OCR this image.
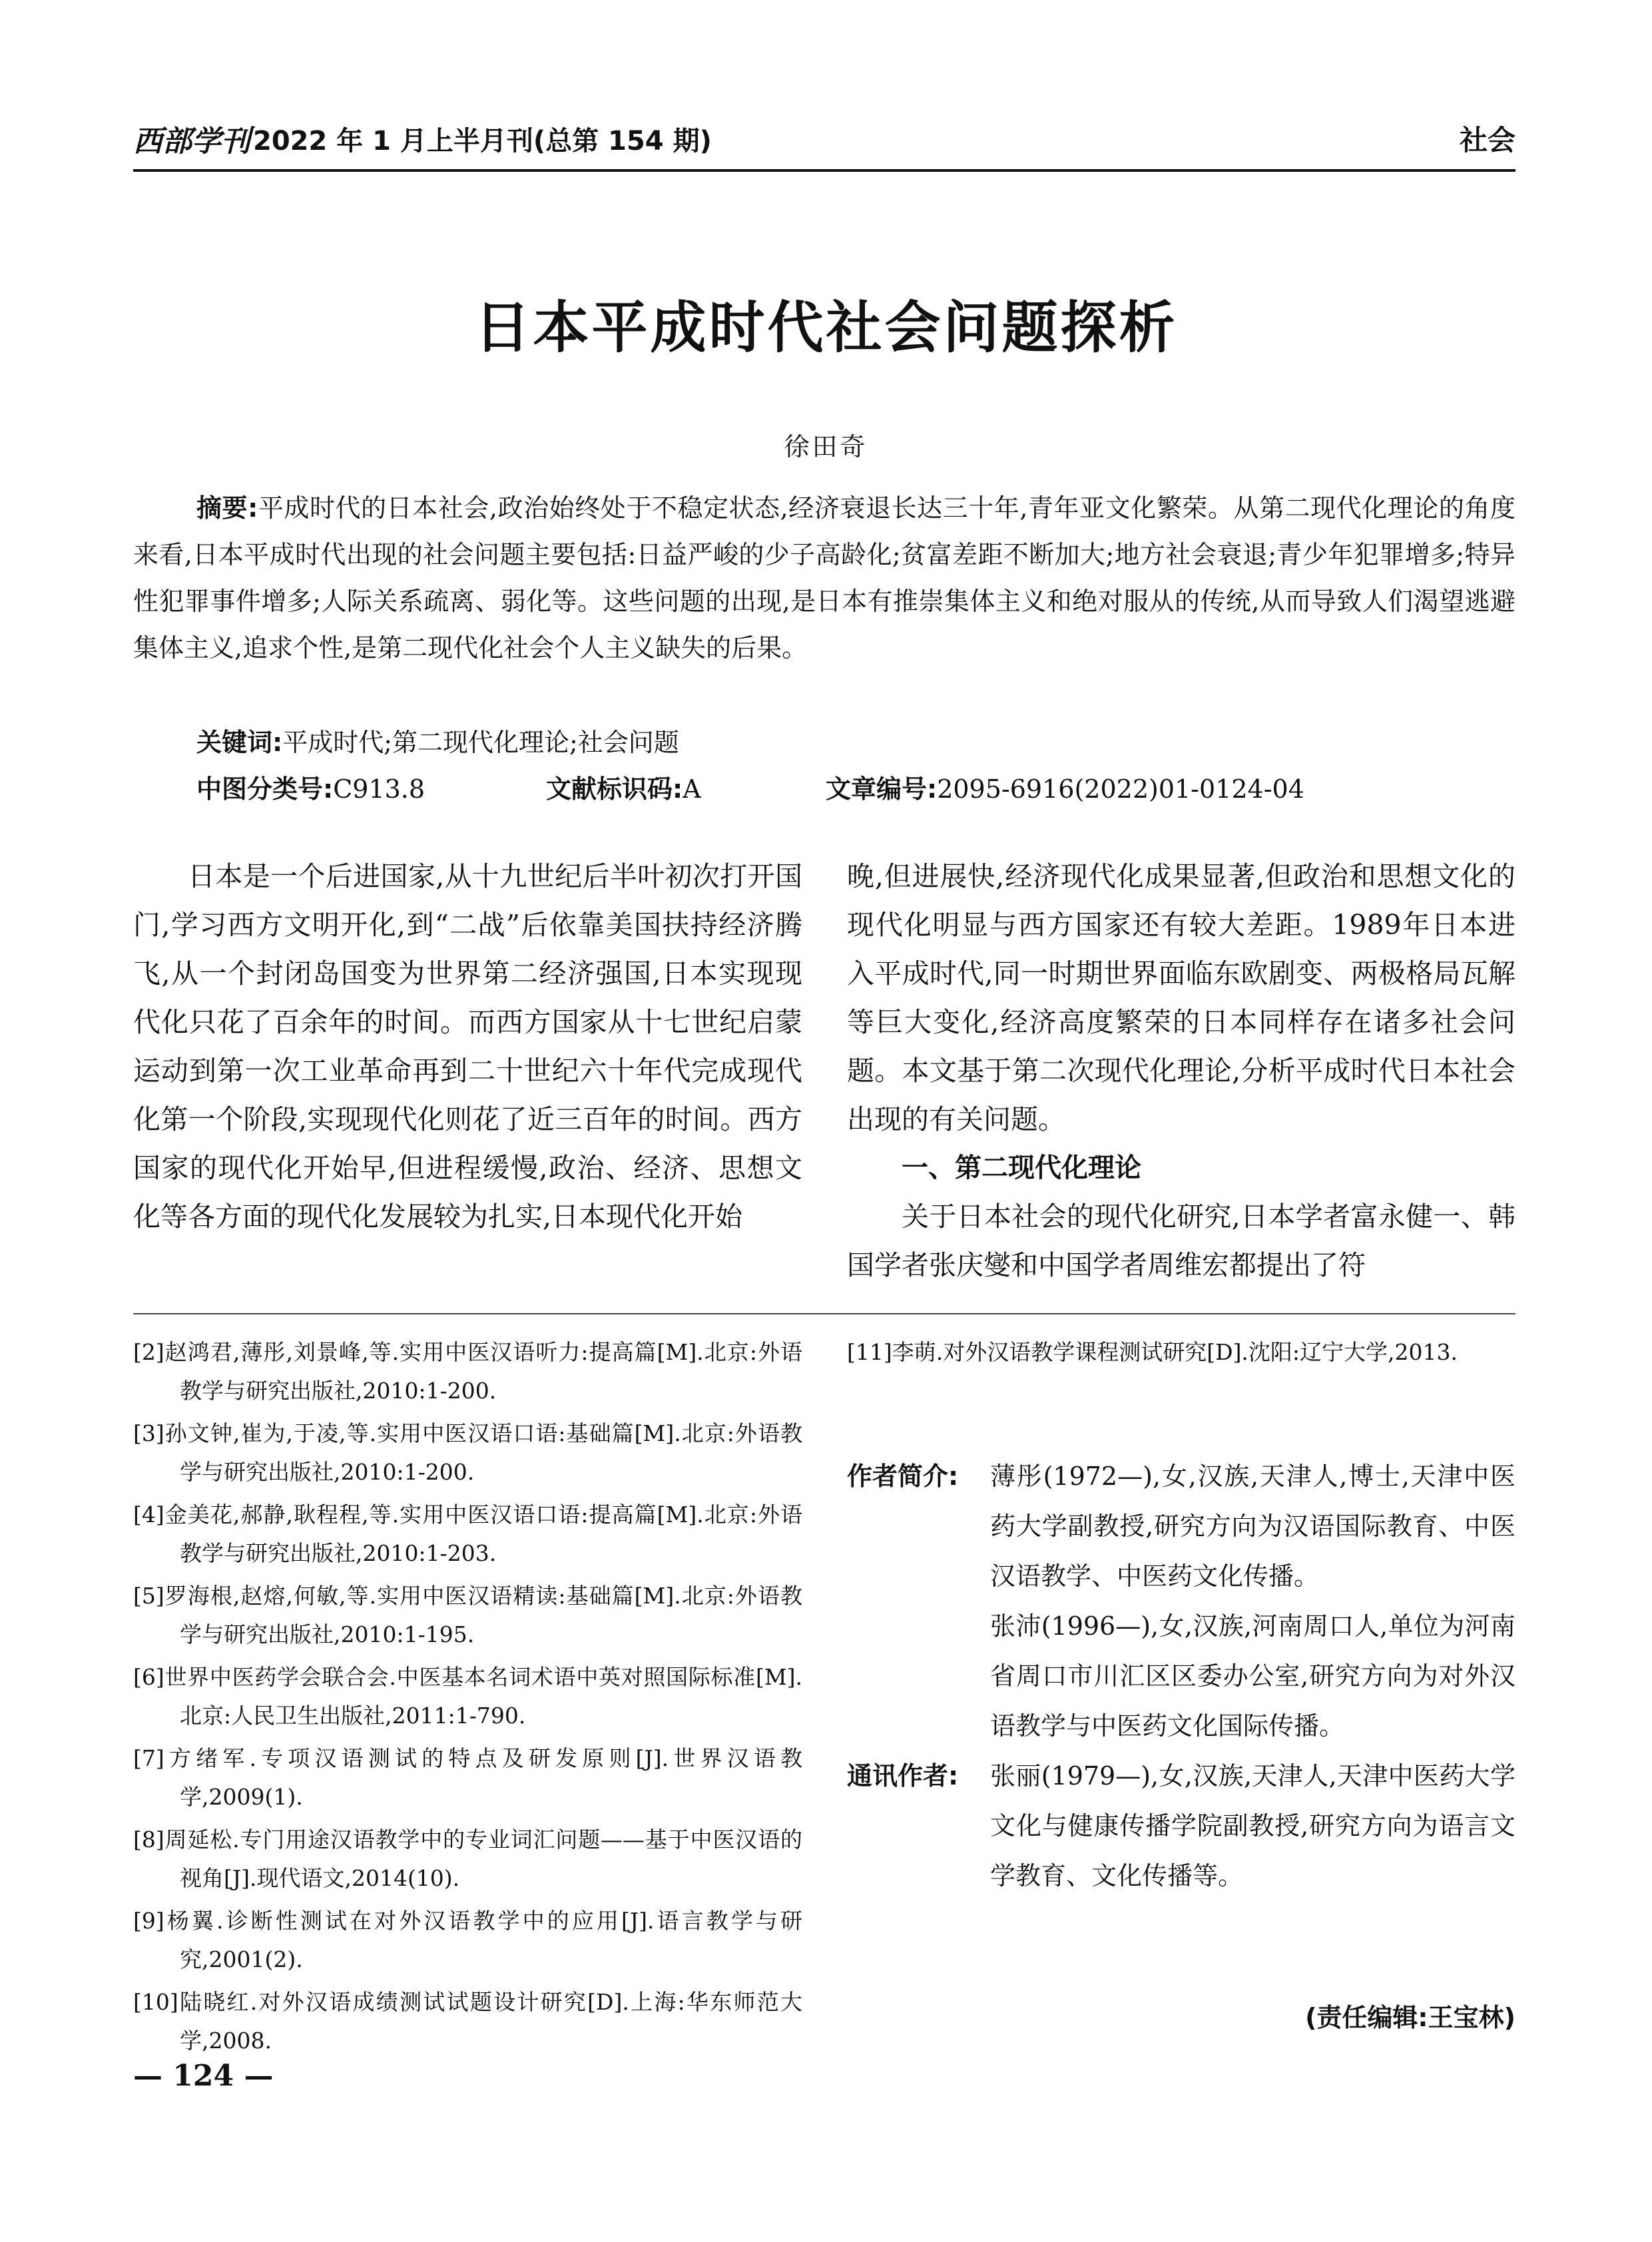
西部学刊 2022 年 1 月上半月刊(总第 154 期)	社会
日本平成时代社会问题探析
徐田奇
摘要:平成时代的日本社会,政治始终处于不稳定状态,经济衰退长达三十年,青年亚文化繁荣。从第二现代化理论的角度来看,日本平成时代出现的社会问题主要包括:日益严峻的少子高龄化;贫富差距不断加大;地方社会衰退;青少年犯罪增多;特异性犯罪事件增多;人际关系疏离、弱化等。这些问题的出现,是日本有推崇集体主义和绝对服从的传统,从而导致人们渴望逃避集体主义,追求个性,是第二现代化社会个人主义缺失的后果。
关键词:平成时代;第二现代化理论;社会问题
中图分类号:C913.8	文献标识码:A	文章编号:2095-6916(2022)01-0124-04

日本是一个后进国家,从十九世纪后半叶初次打开国门,学习西方文明开化,到“二战”后依靠美国扶持经济腾飞,从一个封闭岛国变为世界第二经济强国,日本实现现代化只花了百余年的时间。而西方国家从十七世纪启蒙运动到第一次工业革命再到二十世纪六十年代完成现代化第一个阶段,实现现代化则花了近三百年的时间。西方国家的现代化开始早,但进程缓慢,政治、经济、思想文化等各方面的现代化发展较为扎实,日本现代化开始

晚,但进展快,经济现代化成果显著,但政治和思想文化的现代化明显与西方国家还有较大差距。1989年日本进入平成时代,同一时期世界面临东欧剧变、两极格局瓦解等巨大变化,经济高度繁荣的日本同样存在诸多社会问题。本文基于第二次现代化理论,分析平成时代日本社会出现的有关问题。

一、第二现代化理论

关于日本社会的现代化研究,日本学者富永健一、韩国学者张庆燮和中国学者周维宏都提出了符

[2]赵鸿君,薄彤,刘景峰,等.实用中医汉语听力:提高篇[M].北京:外语教学与研究出版社,2010:1-200.

[3]孙文钟,崔为,于凌,等.实用中医汉语口语:基础篇[M].北京:外语教学与研究出版社,2010:1-200.

[4]金美花,郝静,耿程程,等.实用中医汉语口语:提高篇[M].北京:外语教学与研究出版社,2010:1-203.

[5]罗海根,赵熔,何敏,等.实用中医汉语精读:基础篇[M].北京:外语教学与研究出版社,2010:1-195.

[6]世界中医药学会联合会.中医基本名词术语中英对照国际标准[M].北京:人民卫生出版社,2011:1-790.

[7]方绪军.专项汉语测试的特点及研发原则[J].世界汉语教学,2009(1).

[8]周延松.专门用途汉语教学中的专业词汇问题——基于中医汉语的视角[J].现代语文,2014(10).

[9]杨翼.诊断性测试在对外汉语教学中的应用[J].语言教学与研究,2001(2).

[10]陆晓红.对外汉语成绩测试试题设计研究[D].上海:华东师范大学,2008.

[11]李萌.对外汉语教学课程测试研究[D].沈阳:辽宁大学,2013.

作者简介: 薄彤(1972—),女,汉族,天津人,博士,天津中医药大学副教授,研究方向为汉语国际教育、中医汉语教学、中医药文化传播。

张沛(1996—),女,汉族,河南周口人,单位为河南省周口市川汇区区委办公室,研究方向为对外汉语教学与中医药文化国际传播。

通讯作者: 张丽(1979—),女,汉族,天津人,天津中医药大学文化与健康传播学院副教授,研究方向为语言文学教育、文化传播等。

(责任编辑:王宝林)
— 124 —
